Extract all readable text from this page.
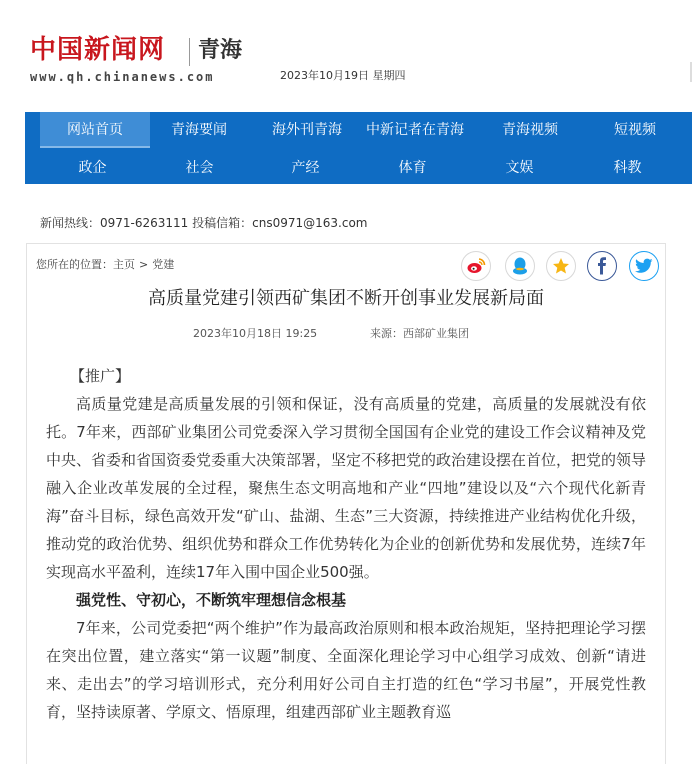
中国新闻网 青海
www.qh.chinanews.com	2023年10月19日 星期四
网站首页	青海要闻	海外刊青海	中新记者在青海	青海视频	短视频
政企	社会	产经	体育	文娱	科教
新闻热线：0971-6263111 投稿信箱：cns0971@163.com
您所在的位置：主页 > 党建
高质量党建引领西矿集团不断开创事业发展新局面
2023年10月18日 19:25	来源：西部矿业集团

【推广】

高质量党建是高质量发展的引领和保证，没有高质量的党建，高质量的发展就没有依托。7年来，西部矿业集团公司党委深入学习贯彻全国国有企业党的建设工作会议精神及党中央、省委和省国资委党委重大决策部署，坚定不移把党的政治建设摆在首位，把党的领导融入企业改革发展的全过程，聚焦生态文明高地和产业“四地”建设以及“六个现代化新青海”奋斗目标，绿色高效开发“矿山、盐湖、生态”三大资源，持续推进产业结构优化升级，推动党的政治优势、组织优势和群众工作优势转化为企业的创新优势和发展优势，连续7年实现高水平盈利，连续17年入围中国企业500强。

强党性、守初心，不断筑牢理想信念根基

7年来，公司党委把“两个维护”作为最高政治原则和根本政治规矩，坚持把理论学习摆在突出位置，建立落实“第一议题”制度、全面深化理论学习中心组学习成效、创新“请进来、走出去”的学习培训形式，充分利用好公司自主打造的红色“学习书屋”，开展党性教育，坚持读原著、学原文、悟原理，组建西部矿业主题教育巡
